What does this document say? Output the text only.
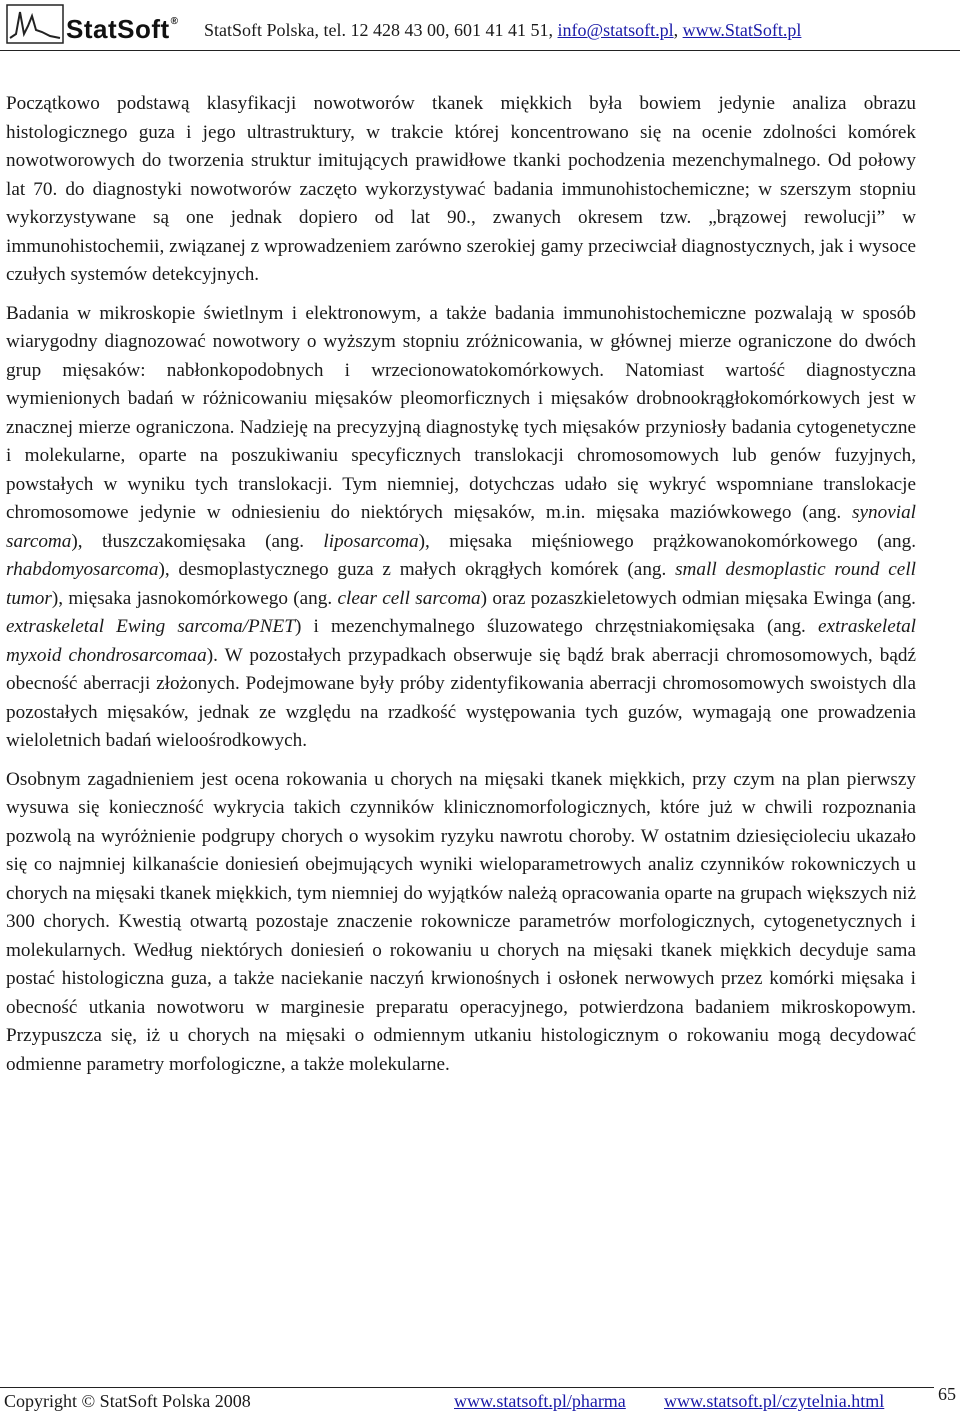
StatSoft® StatSoft Polska, tel. 12 428 43 00, 601 41 41 51, info@statsoft.pl, www.StatSoft.pl

Początkowo podstawą klasyfikacji nowotworów tkanek miękkich była bowiem jedynie analiza obrazu histologicznego guza i jego ultrastruktury, w trakcie której koncentrowano się na ocenie zdolności komórek nowotworowych do tworzenia struktur imitujących prawidłowe tkanki pochodzenia mezenchymalnego. Od połowy lat 70. do diagnostyki nowotworów zaczęto wykorzystywać badania immunohistochemiczne; w szerszym stopniu wykorzystywane są one jednak dopiero od lat 90., zwanych okresem tzw. „brązowej rewolucji” w immunohistochemii, związanej z wprowadzeniem zarówno szerokiej gamy przeciwciał diagnostycznych, jak i wysoce czułych systemów detekcyjnych.

Badania w mikroskopie świetlnym i elektronowym, a także badania immunohistochemiczne pozwalają w sposób wiarygodny diagnozować nowotwory o wyższym stopniu zróżnicowania, w głównej mierze ograniczone do dwóch grup mięsaków: nabłonkopodobnych i wrzecionowatokomórkowych. Natomiast wartość diagnostyczna wymienionych badań w różnicowaniu mięsaków pleomorficznych i mięsaków drobnookrągłokomórkowych jest w znacznej mierze ograniczona. Nadzieję na precyzyjną diagnostykę tych mięsaków przyniosły badania cytogenetyczne i molekularne, oparte na poszukiwaniu specyficznych translokacji chromosomowych lub genów fuzyjnych, powstałych w wyniku tych translokacji. Tym niemniej, dotychczas udało się wykryć wspomniane translokacje chromosomowe jedynie w odniesieniu do niektórych mięsaków, m.in. mięsaka maziówkowego (ang. synovial sarcoma), tłuszczakomięsaka (ang. liposarcoma), mięsaka mięśniowego prążkowanokomórkowego (ang. rhabdomyosarcoma), desmoplastycznego guza z małych okrągłych komórek (ang. small desmoplastic round cell tumor), mięsaka jasnokomórkowego (ang. clear cell sarcoma) oraz pozaszkieletowych odmian mięsaka Ewinga (ang. extraskeletal Ewing sarcoma/PNET) i mezenchymalnego śluzowatego chrzęstniakomięsaka (ang. extraskeletal myxoid chondrosarcomaa). W pozostałych przypadkach obserwuje się bądź brak aberracji chromosomowych, bądź obecność aberracji złożonych. Podejmowane były próby zidentyfikowania aberracji chromosomowych swoistych dla pozostałych mięsaków, jednak ze względu na rzadkość występowania tych guzów, wymagają one prowadzenia wieloletnich badań wieloośrodkowych.

Osobnym zagadnieniem jest ocena rokowania u chorych na mięsaki tkanek miękkich, przy czym na plan pierwszy wysuwa się konieczność wykrycia takich czynników klinicznomorfologicznych, które już w chwili rozpoznania pozwolą na wyróżnienie podgrupy chorych o wysokim ryzyku nawrotu choroby. W ostatnim dziesięcioleciu ukazało się co najmniej kilkanaście doniesień obejmujących wyniki wieloparametrowych analiz czynników rokowniczych u chorych na mięsaki tkanek miękkich, tym niemniej do wyjątków należą opracowania oparte na grupach większych niż 300 chorych. Kwestią otwartą pozostaje znaczenie rokownicze parametrów morfologicznych, cytogenetycznych i molekularnych. Według niektórych doniesień o rokowaniu u chorych na mięsaki tkanek miękkich decyduje sama postać histologiczna guza, a także naciekanie naczyń krwionośnych i osłonek nerwowych przez komórki mięsaka i obecność utkania nowotworu w marginesie preparatu operacyjnego, potwierdzona badaniem mikroskopowym. Przypuszcza się, iż u chorych na mięsaki o odmiennym utkaniu histologicznym o rokowaniu mogą decydować odmienne parametry morfologiczne, a także molekularne.

Copyright © StatSoft Polska 2008	www.statsoft.pl/pharma www.statsoft.pl/czytelnia.html	65
